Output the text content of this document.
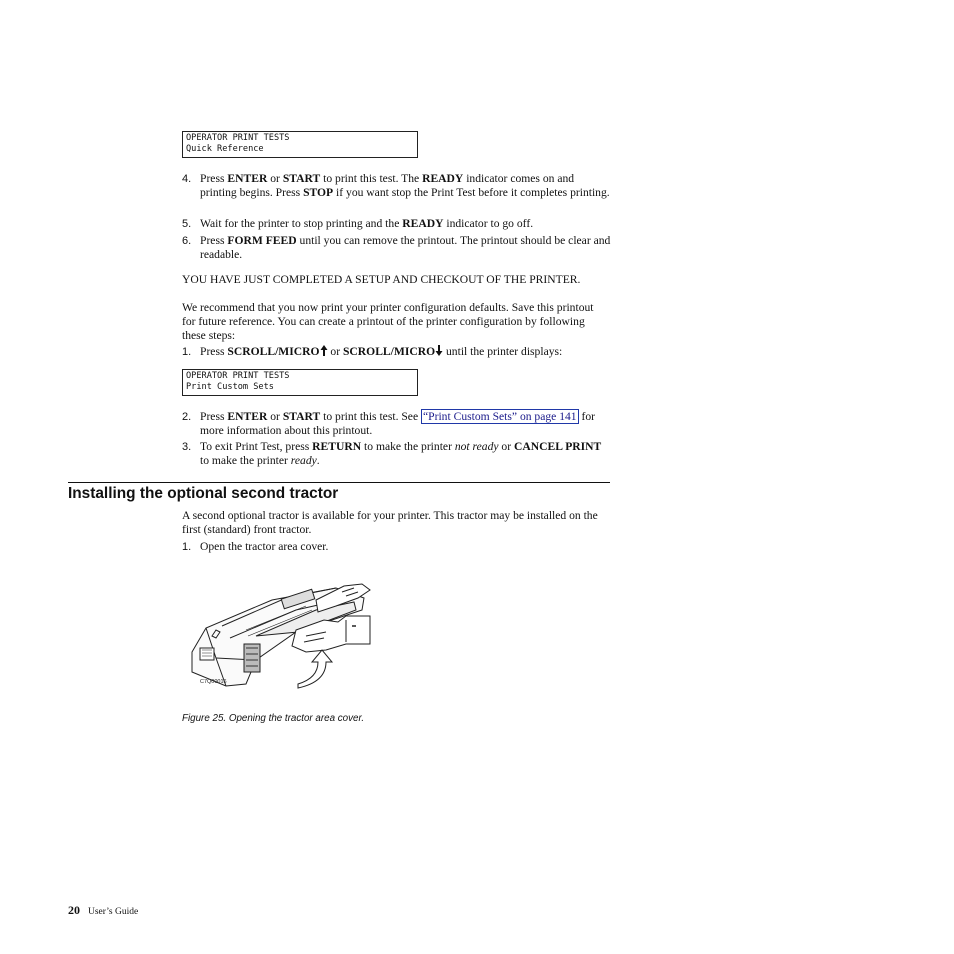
OPERATOR PRINT TESTS
Quick Reference
4. Press ENTER or START to print this test. The READY indicator comes on and printing begins. Press STOP if you want stop the Print Test before it completes printing.
5. Wait for the printer to stop printing and the READY indicator to go off.
6. Press FORM FEED until you can remove the printout. The printout should be clear and readable.
YOU HAVE JUST COMPLETED A SETUP AND CHECKOUT OF THE PRINTER.
We recommend that you now print your printer configuration defaults. Save this printout for future reference. You can create a printout of the printer configuration by following these steps:
1. Press SCROLL/MICRO or SCROLL/MICRO until the printer displays:
OPERATOR PRINT TESTS
Print Custom Sets
2. Press ENTER or START to print this test. See “Print Custom Sets” on page 141 for more information about this printout.
3. To exit Print Test, press RETURN to make the printer not ready or CANCEL PRINT to make the printer ready.
Installing the optional second tractor
A second optional tractor is available for your printer. This tractor may be installed on the first (standard) front tractor.
1. Open the tractor area cover.
C7Q00016
Figure 25. Opening the tractor area cover.
20 User’s Guide
